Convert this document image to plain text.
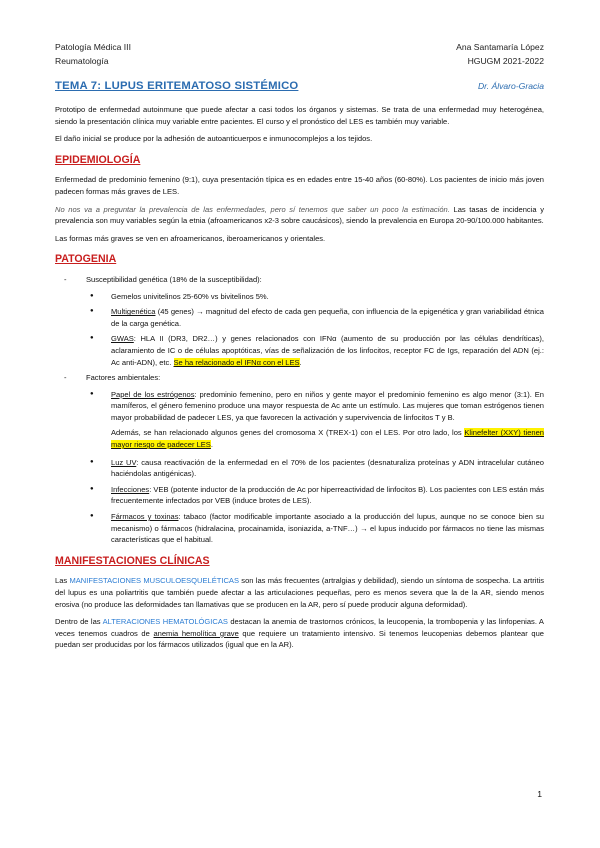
Patología Médica III
Reumatología
Ana Santamaría López
HGUGM 2021-2022
TEMA 7: LUPUS ERITEMATOSO SISTÉMICO	Dr. Álvaro-Gracia

Prototipo de enfermedad autoinmune que puede afectar a casi todos los órganos y sistemas. Se trata de una enfermedad muy heterogénea, siendo la presentación clínica muy variable entre pacientes. El curso y el pronóstico del LES es también muy variable.

El daño inicial se produce por la adhesión de autoanticuerpos e inmunocomplejos a los tejidos.

EPIDEMIOLOGÍA

Enfermedad de predominio femenino (9:1), cuya presentación típica es en edades entre 15-40 años (60-80%). Los pacientes de inicio más joven padecen formas más graves de LES.

No nos va a preguntar la prevalencia de las enfermedades, pero sí tenemos que saber un poco la estimación. Las tasas de incidencia y prevalencia son muy variables según la etnia (afroamericanos x2-3 sobre caucásicos), siendo la prevalencia en Europa 20-90/100.000 habitantes.

Las formas más graves se ven en afroamericanos, iberoamericanos y orientales.

PATOGENIA
- Susceptibilidad genética (18% de la susceptibilidad):
● Gemelos univitelinos 25-60% vs bivitelinos 5%.
● Multigenética (45 genes) → magnitud del efecto de cada gen pequeña, con influencia de la epigenética y gran variabilidad étnica de la carga genética.
● GWAS: HLA II (DR3, DR2…) y genes relacionados con IFNα (aumento de su producción por las células dendríticas), aclaramiento de IC o de células apoptóticas, vías de señalización de los linfocitos, receptor FC de Igs, reparación del ADN (ej.: Ac anti-ADN), etc. Se ha relacionado el IFNα con el LES.
- Factores ambientales:
● Papel de los estrógenos: predominio femenino, pero en niños y gente mayor el predominio femenino es algo menor (3:1). En mamíferos, el género femenino produce una mayor respuesta de Ac ante un estímulo. Las mujeres que toman estrógenos tienen mayor probabilidad de padecer LES, ya que favorecen la activación y supervivencia de linfocitos T y B.
Además, se han relacionado algunos genes del cromosoma X (TREX-1) con el LES. Por otro lado, los Klinefelter (XXY) tienen mayor riesgo de padecer LES.
● Luz UV: causa reactivación de la enfermedad en el 70% de los pacientes (desnaturaliza proteínas y ADN intracelular cutáneo haciéndolas antigénicas).
● Infecciones: VEB (potente inductor de la producción de Ac por hiperreactividad de linfocitos B). Los pacientes con LES están más frecuentemente infectados por VEB (induce brotes de LES).
● Fármacos y toxinas: tabaco (factor modificable importante asociado a la producción del lupus, aunque no se conoce bien su mecanismo) o fármacos (hidralacina, procainamida, isoniazida, a-TNF…) → el lupus inducido por fármacos no tiene las mismas características que el habitual.
MANIFESTACIONES CLÍNICAS

Las MANIFESTACIONES MUSCULOESQUELÉTICAS son las más frecuentes (artralgias y debilidad), siendo un síntoma de sospecha. La artritis del lupus es una poliartritis que también puede afectar a las articulaciones pequeñas, pero es menos severa que la de la AR, siendo menos erosiva (no produce las deformidades tan llamativas que se producen en la AR, pero sí puede producir alguna deformidad).

Dentro de las ALTERACIONES HEMATOLÓGICAS destacan la anemia de trastornos crónicos, la leucopenia, la trombopenia y las linfopenias. A veces tenemos cuadros de anemia hemolítica grave que requiere un tratamiento intensivo. Si tenemos leucopenias debemos plantear que puedan ser producidas por los fármacos utilizados (igual que en la AR).

1
